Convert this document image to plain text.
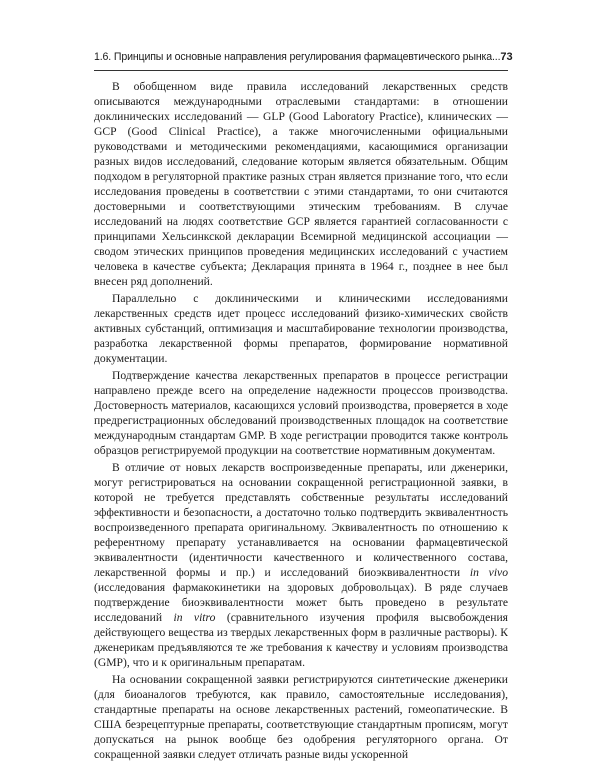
1.6. Принципы и основные направления регулирования фармацевтического рынка... 73

В обобщенном виде правила исследований лекарственных средств описываются международными отраслевыми стандартами: в отношении доклинических исследований — GLP (Good Laboratory Practice), клинических — GCP (Good Clinical Practice), а также многочисленными официальными руководствами и методическими рекомендациями, касающимися организации разных видов исследований, следование которым является обязательным. Общим подходом в регуляторной практике разных стран является признание того, что если исследования проведены в соответствии с этими стандартами, то они считаются достоверными и соответствующими этическим требованиям. В случае исследований на людях соответствие GCP является гарантией согласованности с принципами Хельсинкской декларации Всемирной медицинской ассоциации — сводом этических принципов проведения медицинских исследований с участием человека в качестве субъекта; Декларация принята в 1964 г., позднее в нее был внесен ряд дополнений.

Параллельно с доклиническими и клиническими исследованиями лекарственных средств идет процесс исследований физико-химических свойств активных субстанций, оптимизация и масштабирование технологии производства, разработка лекарственной формы препаратов, формирование нормативной документации.

Подтверждение качества лекарственных препаратов в процессе регистрации направлено прежде всего на определение надежности процессов производства. Достоверность материалов, касающихся условий производства, проверяется в ходе предрегистрационных обследований производственных площадок на соответствие международным стандартам GMP. В ходе регистрации проводится также контроль образцов регистрируемой продукции на соответствие нормативным документам.

В отличие от новых лекарств воспроизведенные препараты, или дженерики, могут регистрироваться на основании сокращенной регистрационной заявки, в которой не требуется представлять собственные результаты исследований эффективности и безопасности, а достаточно только подтвердить эквивалентность воспроизведенного препарата оригинальному. Эквивалентность по отношению к референтному препарату устанавливается на основании фармацевтической эквивалентности (идентичности качественного и количественного состава, лекарственной формы и пр.) и исследований биоэквивалентности in vivo (исследования фармакокинетики на здоровых добровольцах). В ряде случаев подтверждение биоэквивалентности может быть проведено в результате исследований in vitro (сравнительного изучения профиля высвобождения действующего вещества из твердых лекарственных форм в различные растворы). К дженерикам предъявляются те же требования к качеству и условиям производства (GMP), что и к оригинальным препаратам.

На основании сокращенной заявки регистрируются синтетические дженерики (для биоаналогов требуются, как правило, самостоятельные исследования), стандартные препараты на основе лекарственных растений, гомеопатические. В США безрецептурные препараты, соответствующие стандартным прописям, могут допускаться на рынок вообще без одобрения регуляторного органа. От сокращенной заявки следует отличать разные виды ускоренной
